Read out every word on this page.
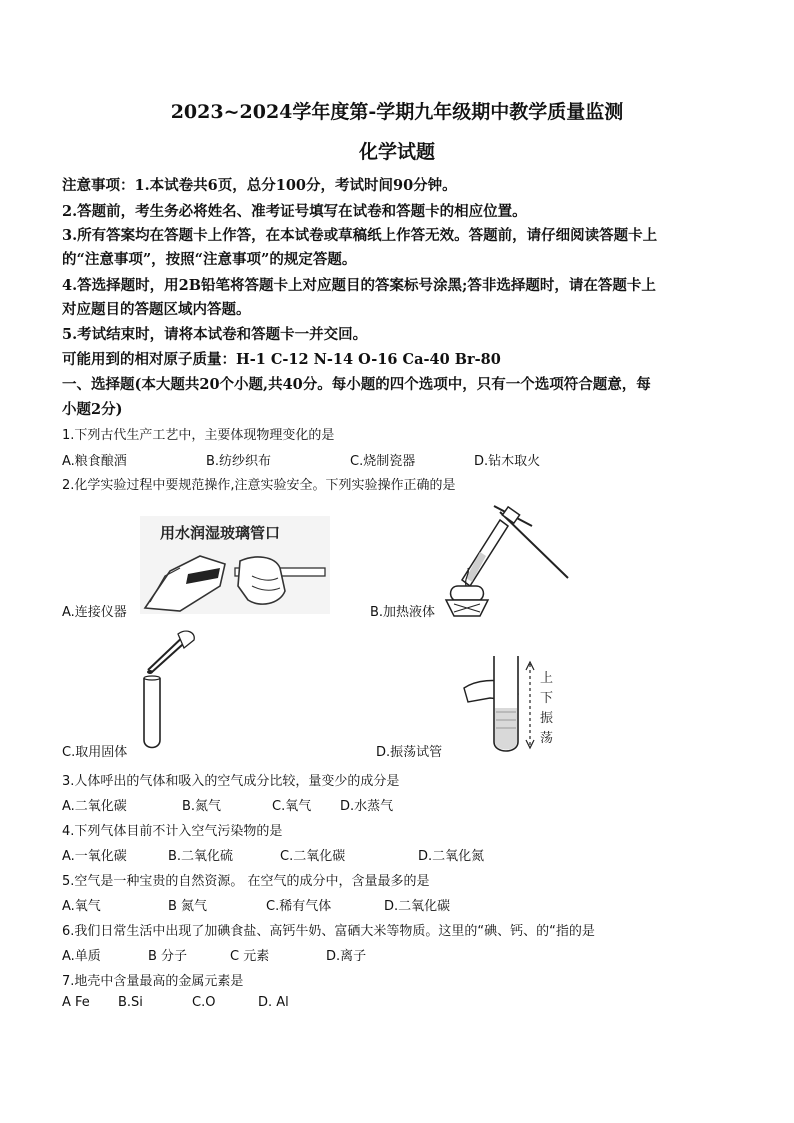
2023~2024学年度第-学期九年级期中教学质量监测
化学试题
注意事项：1.本试卷共6页，总分100分，考试时间90分钟。
2.答题前，考生务必将姓名、准考证号填写在试卷和答题卡的相应位置。
3.所有答案均在答题卡上作答，在本试卷或草稿纸上作答无效。答题前，请仔细阅读答题卡上
的“注意事项”，按照“注意事项”的规定答题。
4.答选择题时，用2B铅笔将答题卡上对应题目的答案标号涂黑;答非选择题时，请在答题卡上
对应题目的答题区域内答题。
5.考试结束时，请将本试卷和答题卡一并交回。
可能用到的相对原子质量：H-1 C-12 N-14 O-16 Ca-40 Br-80
一、选择题(本大题共20个小题,共40分。每小题的四个选项中，只有一个选项符合题意，每
小题2分)
1.下列古代生产工艺中，主要体现物理变化的是
A.粮食酿酒	B.纺纱织布	C.烧制瓷器	D.钻木取火
2.化学实验过程中要规范操作,注意实验安全。下列实验操作正确的是
用水润湿玻璃管口
A.连接仪器	B.加热液体
C.取用固体
上
下
振
荡
D.振荡试管
3.人体呼出的气体和吸入的空气成分比较，量变少的成分是
A.二氧化碳	B.氮气	C.氧气 D.水蒸气
4.下列气体目前不计入空气污染物的是
A.一氧化碳	B.二氧化硫	C.二氧化碳	D.二氧化氮
5.空气是一种宝贵的自然资源。 在空气的成分中，含量最多的是
A.氧气	B 氮气	C.稀有气体	D.二氧化碳
6.我们日常生活中出现了加碘食盐、高钙牛奶、富硒大米等物质。这里的“碘、钙、的“指的是
A.单质	B 分子	C 元素	D.离子
7.地壳中含量最高的金属元素是
A Fe B.Si	C.O	D. Al
